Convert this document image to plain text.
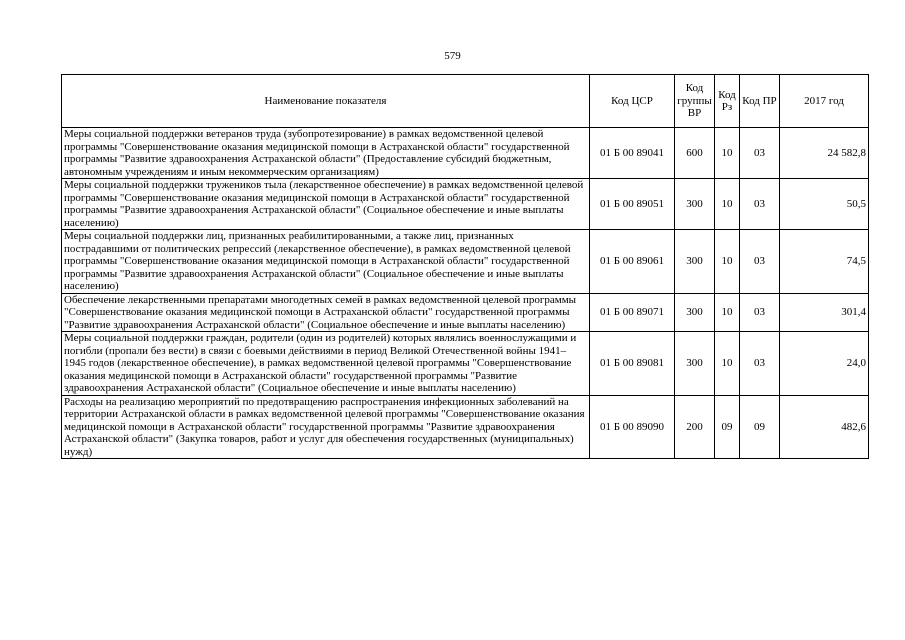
579
Наименование показателя	Код ЦСР	Код группы ВР	Код Рз	Код ПР	2017 год
Меры социальной поддержки ветеранов труда (зубопротезирование) в рамках ведомственной целевой программы "Совершенствование оказания медицинской помощи в Астраханской области" государственной программы "Развитие здравоохранения Астраханской области" (Предоставление субсидий бюджетным, автономным учреждениям и иным некоммерческим организациям)	01 Б 00 89041	600	10	03	24 582,8
Меры социальной поддержки тружеников тыла (лекарственное обеспечение) в рамках ведомственной целевой программы "Совершенствование оказания медицинской помощи в Астраханской области" государственной программы "Развитие здравоохранения Астраханской области" (Социальное обеспечение и иные выплаты населению)	01 Б 00 89051	300	10	03	50,5
Меры социальной поддержки лиц, признанных реабилитированными, а также лиц, признанных пострадавшими от политических репрессий (лекарственное обеспечение), в рамках ведомственной целевой программы "Совершенствование оказания медицинской помощи в Астраханской области" государственной программы "Развитие здравоохранения Астраханской области" (Социальное обеспечение и иные выплаты населению)	01 Б 00 89061	300	10	03	74,5
Обеспечение лекарственными препаратами многодетных семей в рамках ведомственной целевой программы "Совершенствование оказания медицинской помощи в Астраханской области" государственной программы "Развитие здравоохранения Астраханской области" (Социальное обеспечение и иные выплаты населению)	01 Б 00 89071	300	10	03	301,4
Меры социальной поддержки граждан, родители (один из родителей) которых являлись военнослужащими и погибли (пропали без вести) в связи с боевыми действиями в период Великой Отечественной войны 1941–1945 годов (лекарственное обеспечение), в рамках ведомственной целевой программы "Совершенствование оказания медицинской помощи в Астраханской области" государственной программы "Развитие здравоохранения Астраханской области" (Социальное обеспечение и иные выплаты населению)	01 Б 00 89081	300	10	03	24,0
Расходы на реализацию мероприятий по предотвращению распространения инфекционных заболеваний на территории Астраханской области в рамках ведомственной целевой программы "Совершенствование оказания медицинской помощи в Астраханской области" государственной программы "Развитие здравоохранения Астраханской области" (Закупка товаров, работ и услуг для обеспечения государственных (муниципальных) нужд)	01 Б 00 89090	200	09	09	482,6
